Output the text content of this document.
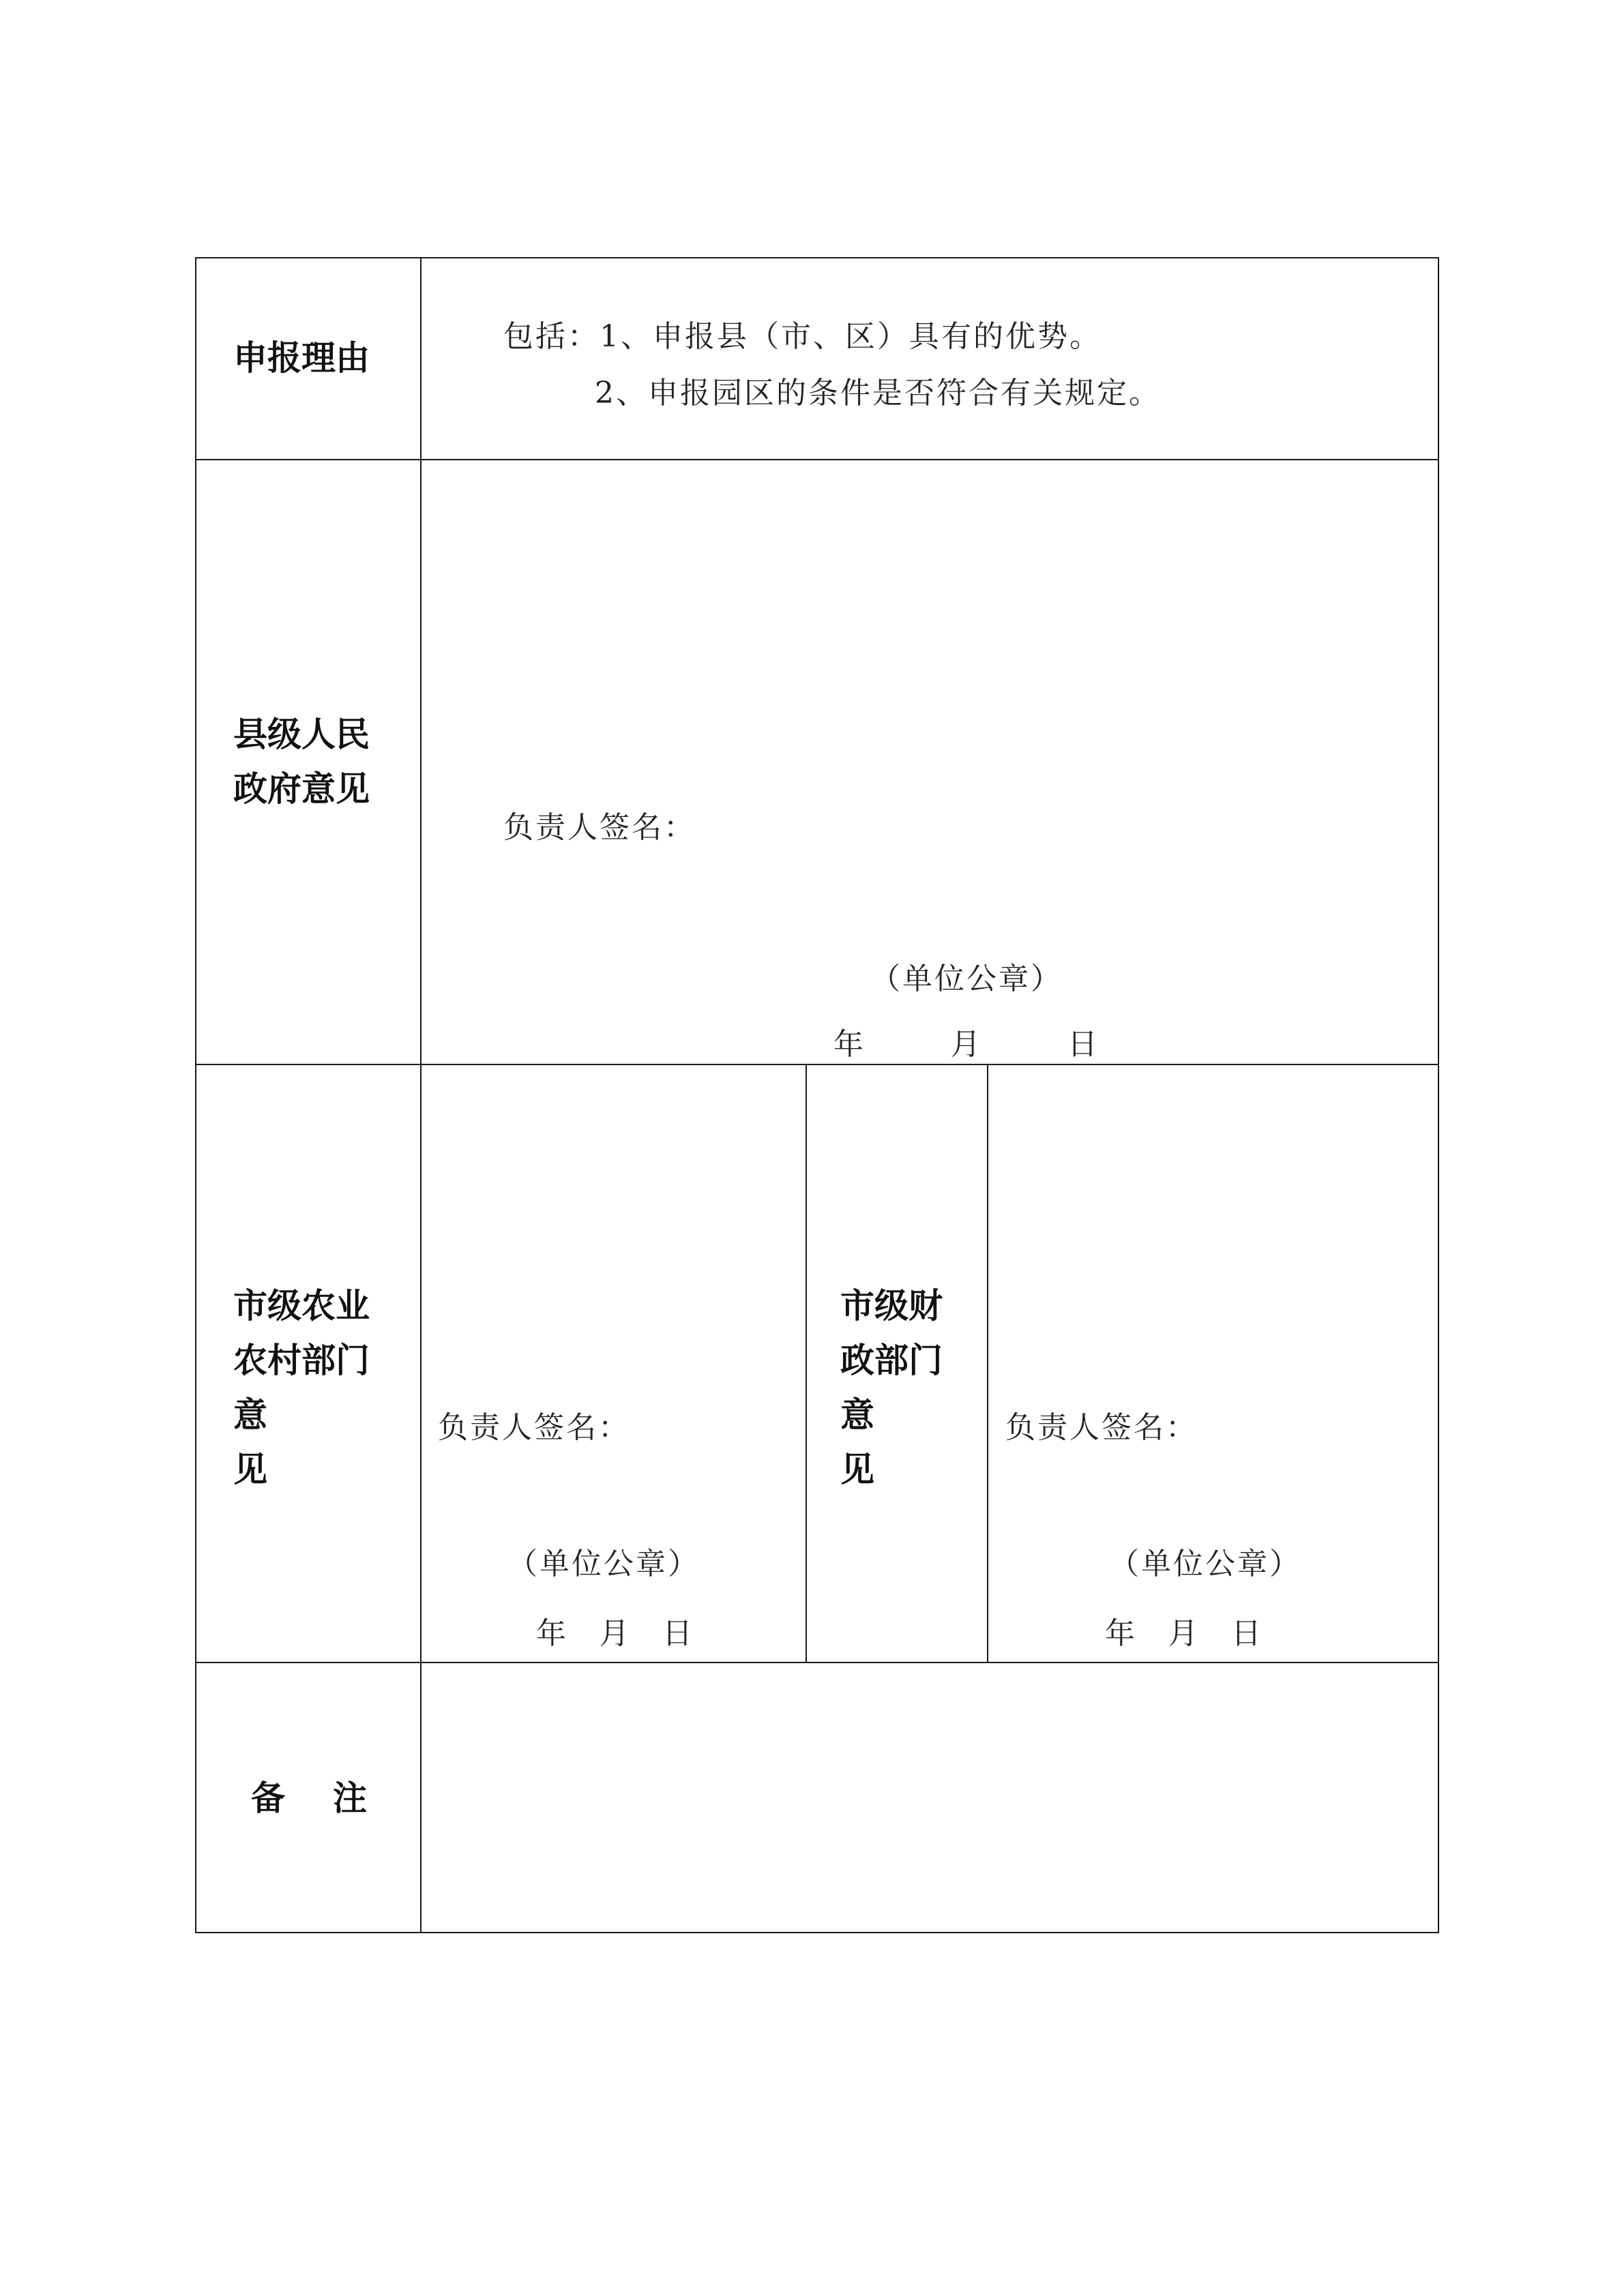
申报理由
包括：1、申报县（市、区）具有的优势。
2、申报园区的条件是否符合有关规定。
县级人民
政府意见
负责人签名：
（单位公章）
年	月	日
市级农业
农村部门
意
见
负责人签名：
（单位公章）
年 月 日
市级财
政部门
意
见
负责人签名：
（单位公章）
年 月 日
备 注
